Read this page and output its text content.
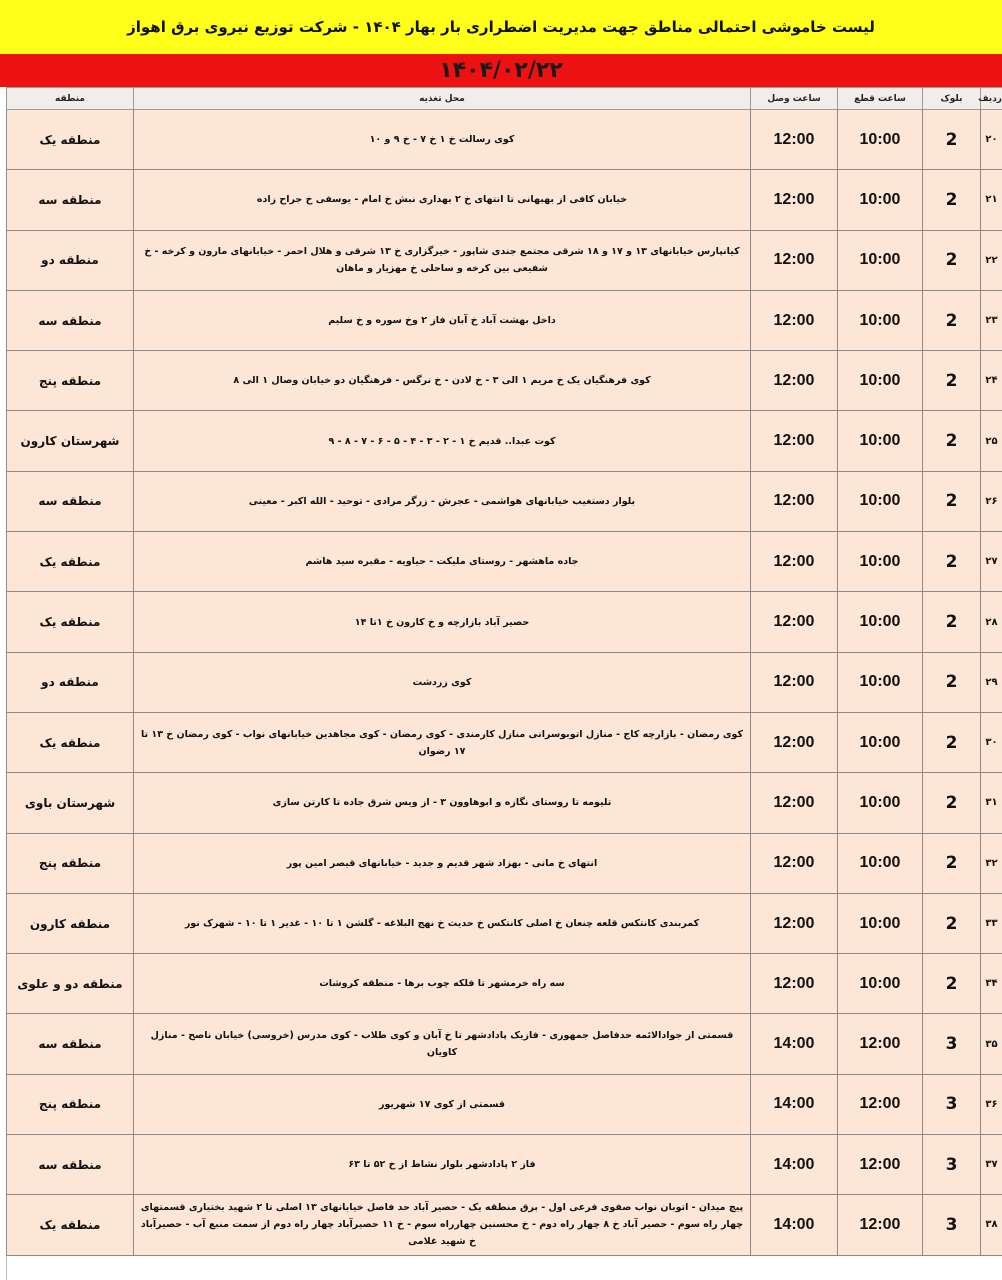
لیست خاموشی احتمالی مناطق جهت مدیریت اضطراری بار بهار ۱۴۰۴ - شرکت توزیع نیروی برق اهواز
۱۴۰۴/۰۲/۲۲
ردیف	بلوک	ساعت قطع	ساعت وصل	محل تغذیه	منطقه
۲۰	2	10:00	12:00	کوی رسالت خ ۱ خ ۷ - خ ۹ و ۱۰	منطقه یک
۲۱	2	10:00	12:00	خیابان کافی از بهبهانی تا انتهای خ ۲ بهداری نبش خ امام - یوسفی خ جراح زاده	منطقه سه
۲۲	2	10:00	12:00	کیانپارس خیابانهای ۱۳ و ۱۷ و ۱۸ شرقی مجتمع جندی شاپور - خیرگزاری خ ۱۳ شرقی و هلال احمر - خیابانهای مارون و کرخه - خ شفیعی بین کرخه و ساحلی خ مهزیار و ماهان	منطقه دو
۲۳	2	10:00	12:00	داخل بهشت آباد خ آبان فاز ۲ وخ سوره و خ سلیم	منطقه سه
۲۴	2	10:00	12:00	کوی فرهنگیان یک خ مریم ۱ الی ۳ - خ لادن - خ نرگس - فرهنگیان دو خیابان وصال ۱ الی ۸	منطقه پنج
۲۵	2	10:00	12:00	کوت عبدا.. قدیم خ ۱ - ۲ - ۳ - ۴ - ۵ - ۶ - ۷ - ۸ - ۹	شهرستان کارون
۲۶	2	10:00	12:00	بلوار دستغیب خیابانهای هواشمی - عجرش - زرگر مرادی - توحید - الله اکبر - معینی	منطقه سه
۲۷	2	10:00	12:00	جاده ماهشهر - روستای ملیکت - حیاویه - مقبره سید هاشم	منطقه یک
۲۸	2	10:00	12:00	حصیر آباد بازارچه و خ کارون خ ۱تا ۱۴	منطقه یک
۲۹	2	10:00	12:00	کوی زردشت	منطقه دو
۳۰	2	10:00	12:00	کوی رمضان - بازارچه کاج - منازل اتوبوسرانی منازل کارمندی - کوی رمضان - کوی مجاهدین خیابانهای نواب - کوی رمضان خ ۱۳ تا ۱۷ رضوان	منطقه یک
۳۱	2	10:00	12:00	تلیومه تا روستای نگازه و ابوهاوون ۳ - از ویس شرق جاده تا کارتن سازی	شهرستان باوی
۳۲	2	10:00	12:00	انتهای خ مانی - بهزاد شهر قدیم و جدید - خیابانهای قیصر امین پور	منطقه پنج
۳۳	2	10:00	12:00	کمربندی کانتکس قلعه چنعان خ اصلی کانتکس خ حدیث خ نهج البلاغه - گلشن ۱ تا ۱۰ - غدیر ۱ تا ۱۰ - شهرک نور	منطقه کارون
۳۴	2	10:00	12:00	سه راه خرمشهر تا فلکه چوب برها - منطقه کروشات	منطقه دو و علوی
۳۵	3	12:00	14:00	قسمتی از جوادالائمه حدفاصل جمهوری - فازیک پادادشهر تا خ آبان و کوی طلاب - کوی مدرس (خروسی) خیابان ناصح - منازل کاویان	منطقه سه
۳۶	3	12:00	14:00	قسمتی از کوی ۱۷ شهریور	منطقه پنج
۳۷	3	12:00	14:00	فاز ۲ پادادشهر بلوار نشاط از خ ۵۲ تا ۶۳	منطقه سه
۳۸	3	12:00	14:00	پیچ میدان - اتوبان نواب صفوی فرعی اول - برق منطقه یک - حصیر آباد حد فاصل خیابانهای ۱۳ اصلی تا ۲ شهید بختیاری قسمتهای چهار راه سوم - حصیر آباد خ ۸ چهار راه دوم - خ محسنین چهارراه سوم - خ ۱۱ حصیرآباد چهار راه دوم از سمت منبع آب - حصیرآباد خ شهید غلامی	منطقه یک
